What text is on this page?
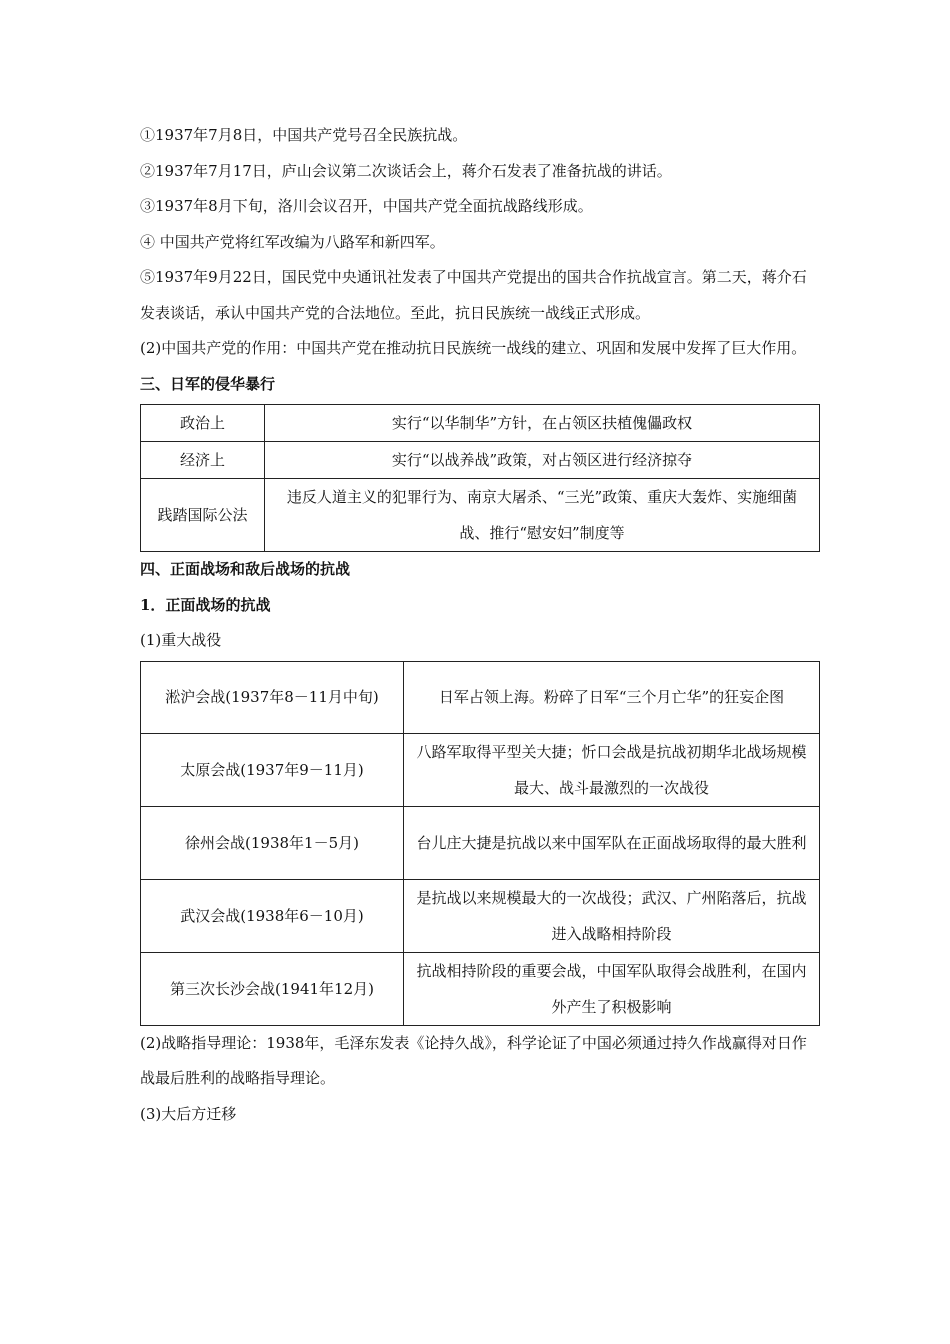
①1937年7月8日，中国共产党号召全民族抗战。

②1937年7月17日，庐山会议第二次谈话会上，蒋介石发表了准备抗战的讲话。

③1937年8月下旬，洛川会议召开，中国共产党全面抗战路线形成。

④ 中国共产党将红军改编为八路军和新四军。

⑤1937年9月22日，国民党中央通讯社发表了中国共产党提出的国共合作抗战宣言。第二天，蒋介石发表谈话，承认中国共产党的合法地位。至此，抗日民族统一战线正式形成。

(2)中国共产党的作用：中国共产党在推动抗日民族统一战线的建立、巩固和发展中发挥了巨大作用。

三、日军的侵华暴行

政治上	实行“以华制华”方针，在占领区扶植傀儡政权
经济上	实行“以战养战”政策，对占领区进行经济掠夺
践踏国际公法	违反人道主义的犯罪行为、南京大屠杀、“三光”政策、重庆大轰炸、实施细菌战、推行“慰安妇”制度等

四、正面战场和敌后战场的抗战

1．正面战场的抗战

(1)重大战役

淞沪会战(1937年8－11月中旬)	日军占领上海。粉碎了日军“三个月亡华”的狂妄企图
太原会战(1937年9－11月)	八路军取得平型关大捷；忻口会战是抗战初期华北战场规模最大、战斗最激烈的一次战役
徐州会战(1938年1－5月)	台儿庄大捷是抗战以来中国军队在正面战场取得的最大胜利
武汉会战(1938年6－10月)	是抗战以来规模最大的一次战役；武汉、广州陷落后，抗战进入战略相持阶段
第三次长沙会战(1941年12月)	抗战相持阶段的重要会战，中国军队取得会战胜利，在国内外产生了积极影响

(2)战略指导理论：1938年，毛泽东发表《论持久战》，科学论证了中国必须通过持久作战赢得对日作战最后胜利的战略指导理论。

(3)大后方迁移
